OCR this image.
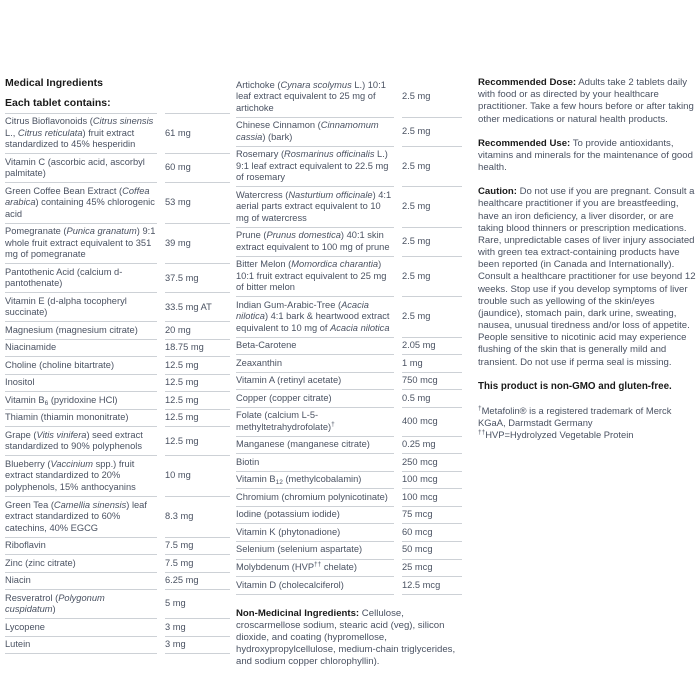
Medical Ingredients
Each tablet contains:		
Citrus Bioflavonoids (Citrus sinensis L., Citrus reticulata) fruit extract standardized to 45% hesperidin		61 mg
Vitamin C (ascorbic acid, ascorbyl palmitate)		60 mg
Green Coffee Bean Extract (Coffea arabica) containing 45% chlorogenic acid		53 mg
Pomegranate (Punica granatum) 9:1 whole fruit extract equivalent to 351 mg of pomegranate		39 mg
Pantothenic Acid (calcium d-pantothenate)		37.5 mg
Vitamin E (d-alpha tocopheryl succinate)		33.5 mg AT
Magnesium (magnesium citrate)		20 mg
Niacinamide		18.75 mg
Choline (choline bitartrate)		12.5 mg
Inositol		12.5 mg
Vitamin $B_6$ (pyridoxine HCl)		12.5 mg
Thiamin (thiamin mononitrate)		12.5 mg
Grape (Vitis vinifera) seed extract standardized to 90% polyphenols		12.5 mg
Blueberry (Vaccinium spp.) fruit extract standardized to 20% polyphenols, 15% anthocyanins		10 mg
Green Tea (Camellia sinensis) leaf extract standardized to 60% catechins, 40% EGCG		8.3 mg
Riboflavin		7.5 mg
Zinc (zinc citrate)		7.5 mg
Niacin		6.25 mg
Resveratrol (Polygonum cuspidatum)		5 mg
Lycopene		3 mg
Lutein		3 mg
Artichoke (Cynara scolymus L.) 10:1 leaf extract equivalent to 25 mg of artichoke		2.5 mg
Chinese Cinnamon (Cinnamomum cassia) (bark)		2.5 mg
Rosemary (Rosmarinus officinalis L.) 9:1 leaf extract equivalent to 22.5 mg of rosemary		2.5 mg
Watercress (Nasturtium officinale) 4:1 aerial parts extract equivalent to 10 mg of watercress		2.5 mg
Prune (Prunus domestica) 40:1 skin extract equivalent to 100 mg of prune		2.5 mg
Bitter Melon (Momordica charantia) 10:1 fruit extract equivalent to 25 mg of bitter melon		2.5 mg
Indian Gum-Arabic-Tree (Acacia nilotica) 4:1 bark & heartwood extract equivalent to 10 mg of Acacia nilotica		2.5 mg
Beta-Carotene		2.05 mg
Zeaxanthin		1 mg
Vitamin A (retinyl acetate)		750 mcg
Copper (copper citrate)		0.5 mg
Folate (calcium L-5-methyltetrahydrofolate)†		400 mcg
Manganese (manganese citrate)		0.25 mg
Biotin		250 mcg
Vitamin $B_{12}$ (methylcobalamin)		100 mcg
Chromium (chromium polynicotinate)		100 mcg
Iodine (potassium iodide)		75 mcg
Vitamin K (phytonadione)		60 mcg
Selenium (selenium aspartate)		50 mcg
Molybdenum (HVP†† chelate)		25 mcg
Vitamin D (cholecalciferol)		12.5 mcg

Non-Medicinal Ingredients: Cellulose, croscarmellose sodium, stearic acid (veg), silicon dioxide, and coating (hypromellose, hydroxypropylcellulose, medium-chain triglycerides, and sodium copper chlorophyllin).

Recommended Dose: Adults take 2 tablets daily with food or as directed by your healthcare practitioner. Take a few hours before or after taking other medications or natural health products.

Recommended Use: To provide antioxidants, vitamins and minerals for the maintenance of good health.

Caution: Do not use if you are pregnant. Consult a healthcare practitioner if you are breastfeeding, have an iron deficiency, a liver disorder, or are taking blood thinners or prescription medications. Rare, unpredictable cases of liver injury associated with green tea extract-containing products have been reported (in Canada and Internationally). Consult a healthcare practitioner for use beyond 12 weeks. Stop use if you develop symptoms of liver trouble such as yellowing of the skin/eyes (jaundice), stomach pain, dark urine, sweating, nausea, unusual tiredness and/or loss of appetite. People sensitive to nicotinic acid may experience flushing of the skin that is generally mild and transient. Do not use if perma seal is missing.

This product is non-GMO and gluten-free.

†Metafolin® is a registered trademark of Merck KGaA, Darmstadt Germany

††HVP=Hydrolyzed Vegetable Protein
